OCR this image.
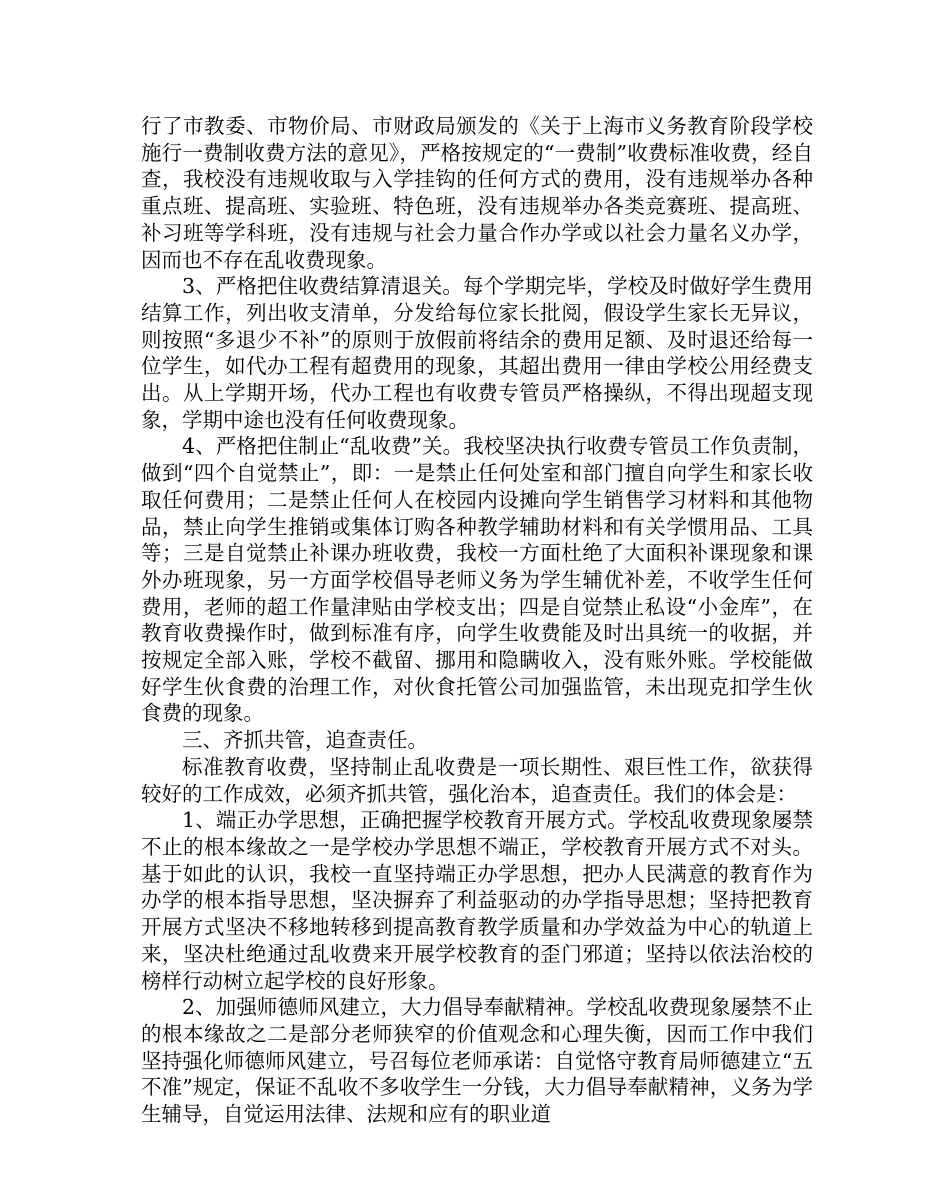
行了市教委、市物价局、市财政局颁发的《关于上海市义务教育阶段学校施行一费制收费方法的意见》，严格按规定的“一费制”收费标准收费，经自查，我校没有违规收取与入学挂钩的任何方式的费用，没有违规举办各种重点班、提高班、实验班、特色班，没有违规举办各类竞赛班、提高班、补习班等学科班，没有违规与社会力量合作办学或以社会力量名义办学，因而也不存在乱收费现象。

3、严格把住收费结算清退关。每个学期完毕，学校及时做好学生费用结算工作，列出收支清单，分发给每位家长批阅，假设学生家长无异议，则按照“多退少不补”的原则于放假前将结余的费用足额、及时退还给每一位学生，如代办工程有超费用的现象，其超出费用一律由学校公用经费支出。从上学期开场，代办工程也有收费专管员严格操纵，不得出现超支现象，学期中途也没有任何收费现象。

4、严格把住制止“乱收费”关。我校坚决执行收费专管员工作负责制，做到“四个自觉禁止”，即：一是禁止任何处室和部门擅自向学生和家长收取任何费用；二是禁止任何人在校园内设摊向学生销售学习材料和其他物品，禁止向学生推销或集体订购各种教学辅助材料和有关学惯用品、工具等；三是自觉禁止补课办班收费，我校一方面杜绝了大面积补课现象和课外办班现象，另一方面学校倡导老师义务为学生辅优补差，不收学生任何费用，老师的超工作量津贴由学校支出；四是自觉禁止私设“小金库”，在教育收费操作时，做到标准有序，向学生收费能及时出具统一的收据，并按规定全部入账，学校不截留、挪用和隐瞒收入，没有账外账。学校能做好学生伙食费的治理工作，对伙食托管公司加强监管，未出现克扣学生伙食费的现象。

三、齐抓共管，追查责任。

标准教育收费，坚持制止乱收费是一项长期性、艰巨性工作，欲获得较好的工作成效，必须齐抓共管，强化治本，追查责任。我们的体会是：

1、端正办学思想，正确把握学校教育开展方式。学校乱收费现象屡禁不止的根本缘故之一是学校办学思想不端正，学校教育开展方式不对头。基于如此的认识，我校一直坚持端正办学思想，把办人民满意的教育作为办学的根本指导思想，坚决摒弃了利益驱动的办学指导思想；坚持把教育开展方式坚决不移地转移到提高教育教学质量和办学效益为中心的轨道上来，坚决杜绝通过乱收费来开展学校教育的歪门邪道；坚持以依法治校的榜样行动树立起学校的良好形象。

2、加强师德师风建立，大力倡导奉献精神。学校乱收费现象屡禁不止的根本缘故之二是部分老师狭窄的价值观念和心理失衡，因而工作中我们坚持强化师德师风建立，号召每位老师承诺：自觉恪守教育局师德建立“五不准”规定，保证不乱收不多收学生一分钱，大力倡导奉献精神，义务为学生辅导，自觉运用法律、法规和应有的职业道
